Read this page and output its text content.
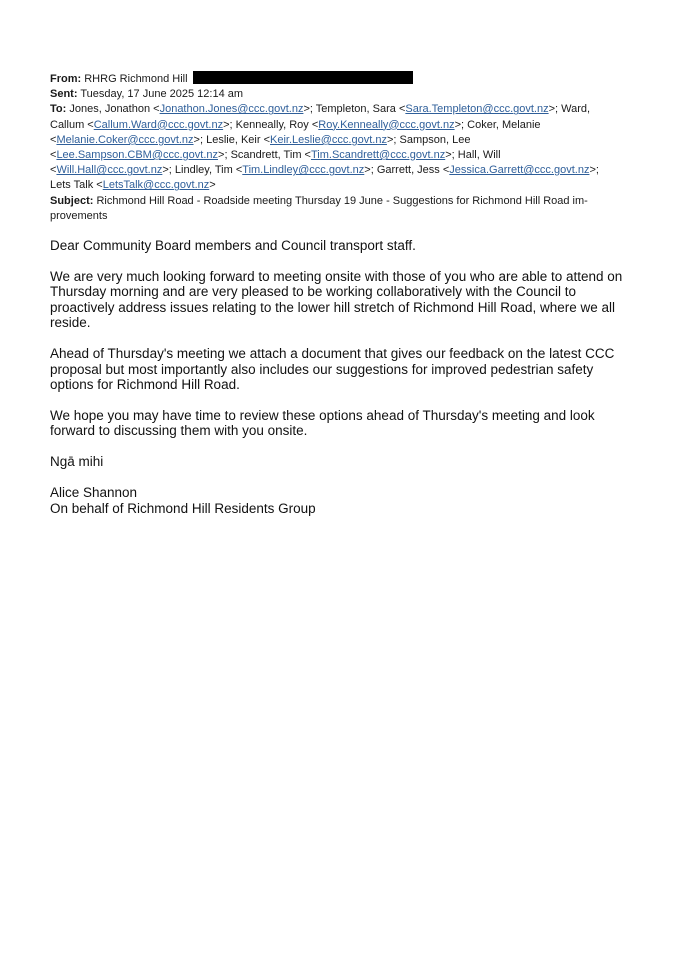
From: RHRG Richmond Hill
Sent: Tuesday, 17 June 2025 12:14 am
To: Jones, Jonathon <Jonathon.Jones@ccc.govt.nz>; Templeton, Sara <Sara.Templeton@ccc.govt.nz>; Ward,
Callum <Callum.Ward@ccc.govt.nz>; Kenneally, Roy <Roy.Kenneally@ccc.govt.nz>; Coker, Melanie
<Melanie.Coker@ccc.govt.nz>; Leslie, Keir <Keir.Leslie@ccc.govt.nz>; Sampson, Lee
<Lee.Sampson.CBM@ccc.govt.nz>; Scandrett, Tim <Tim.Scandrett@ccc.govt.nz>; Hall, Will
<Will.Hall@ccc.govt.nz>; Lindley, Tim <Tim.Lindley@ccc.govt.nz>; Garrett, Jess <Jessica.Garrett@ccc.govt.nz>;
Lets Talk <LetsTalk@ccc.govt.nz>
Subject: Richmond Hill Road - Roadside meeting Thursday 19 June - Suggestions for Richmond Hill Road im-
provements

Dear Community Board members and Council transport staff.

We are very much looking forward to meeting onsite with those of you who are able to attend on Thursday morning and are very pleased to be working collaboratively with the Council to proactively address issues relating to the lower hill stretch of Richmond Hill Road, where we all reside.

Ahead of Thursday's meeting we attach a document that gives our feedback on the latest CCC proposal but most importantly also includes our suggestions for improved pedestrian safety options for Richmond Hill Road.

We hope you may have time to review these options ahead of Thursday's meeting and look forward to discussing them with you onsite.

Ngā mihi

Alice Shannon

On behalf of Richmond Hill Residents Group
